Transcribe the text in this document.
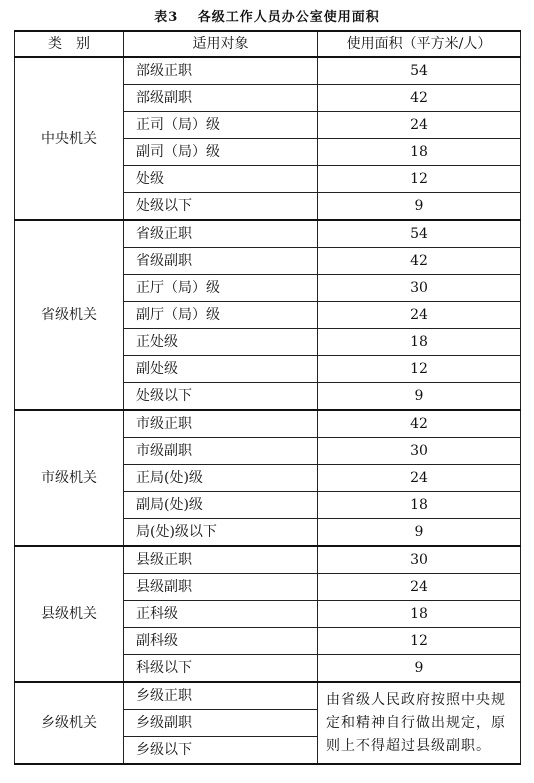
表3 各级工作人员办公室使用面积
类　别	适用对象	使用面积（平方米/人）
中央机关	部级正职	54
	部级副职	42
	正司（局）级	24
	副司（局）级	18
	处级	12
	处级以下	9
省级机关	省级正职	54
	省级副职	42
	正厅（局）级	30
	副厅（局）级	24
	正处级	18
	副处级	12
	处级以下	9
市级机关	市级正职	42
	市级副职	30
	正局(处)级	24
	副局(处)级	18
	局(处)级以下	9
县级机关	县级正职	30
	县级副职	24
	正科级	18
	副科级	12
	科级以下	9
乡级机关	乡级正职	由省级人民政府按照中央规定和精神自行做出规定，原则上不得超过县级副职。
	乡级副职	
	乡级以下	
